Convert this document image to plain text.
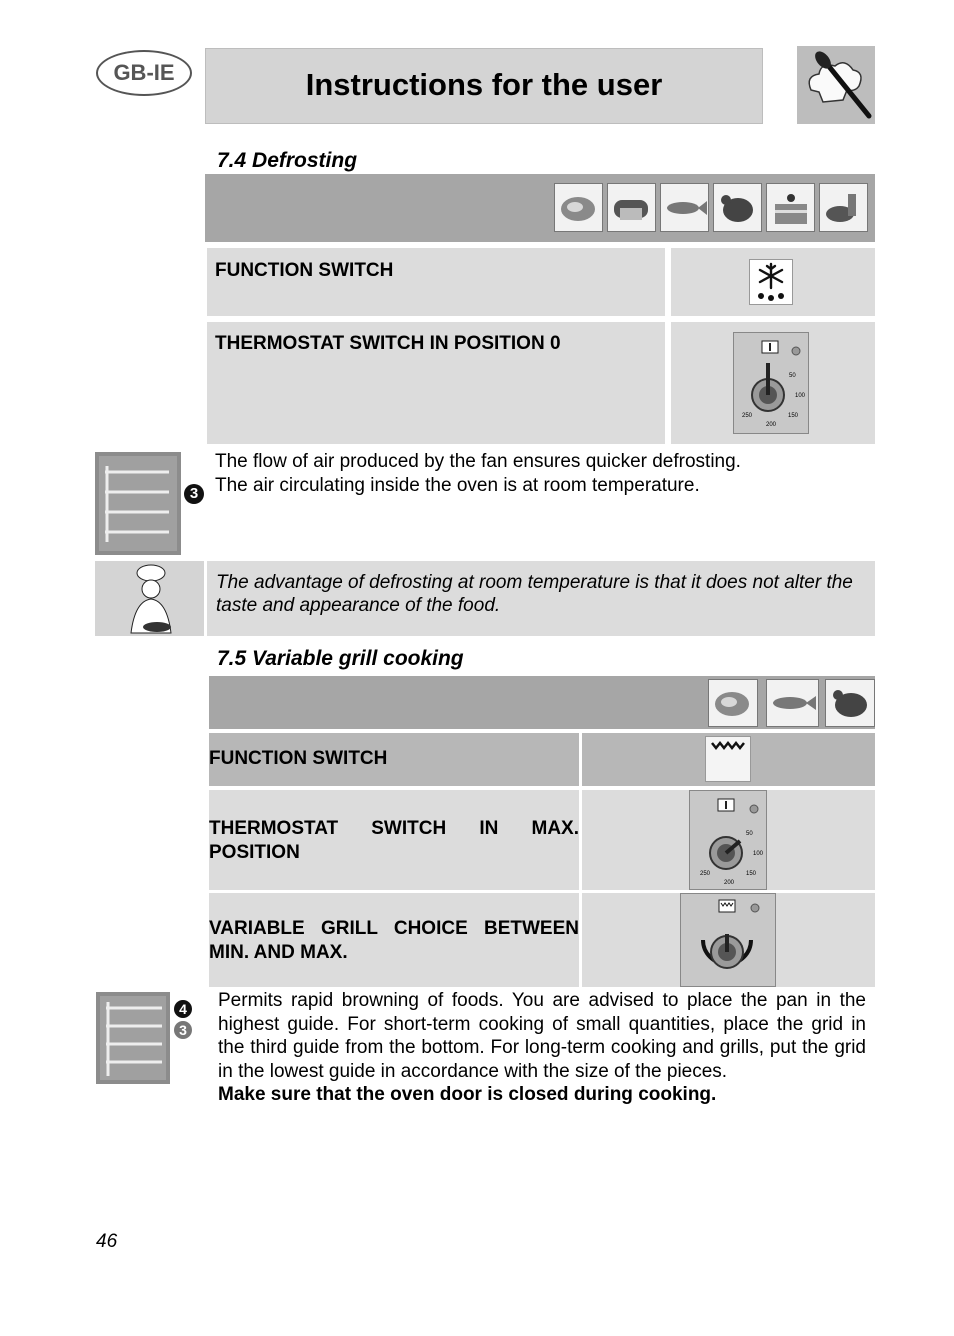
GB-IE	Instructions for the user
7.4 Defrosting
FUNCTION SWITCH
THERMOSTAT SWITCH IN POSITION 0
50
100
150
200
250
3
The flow of air produced by the fan ensures quicker defrosting.
The air circulating inside the oven is at room temperature.
The advantage of defrosting at room temperature is that it does not alter the taste and appearance of the food.
7.5 Variable grill cooking
FUNCTION SWITCH
THERMOSTAT SWITCH IN MAX. POSITION
50
100
150
200
250
VARIABLE GRILL CHOICE BETWEEN MIN. AND MAX.
4
3
Permits rapid browning of foods. You are advised to place the pan in the highest guide. For short-term cooking of small quantities, place the grid in the third guide from the bottom. For long-term cooking and grills, put the grid in the lowest guide in accordance with the size of the pieces.
Make sure that the oven door is closed during cooking.
46
